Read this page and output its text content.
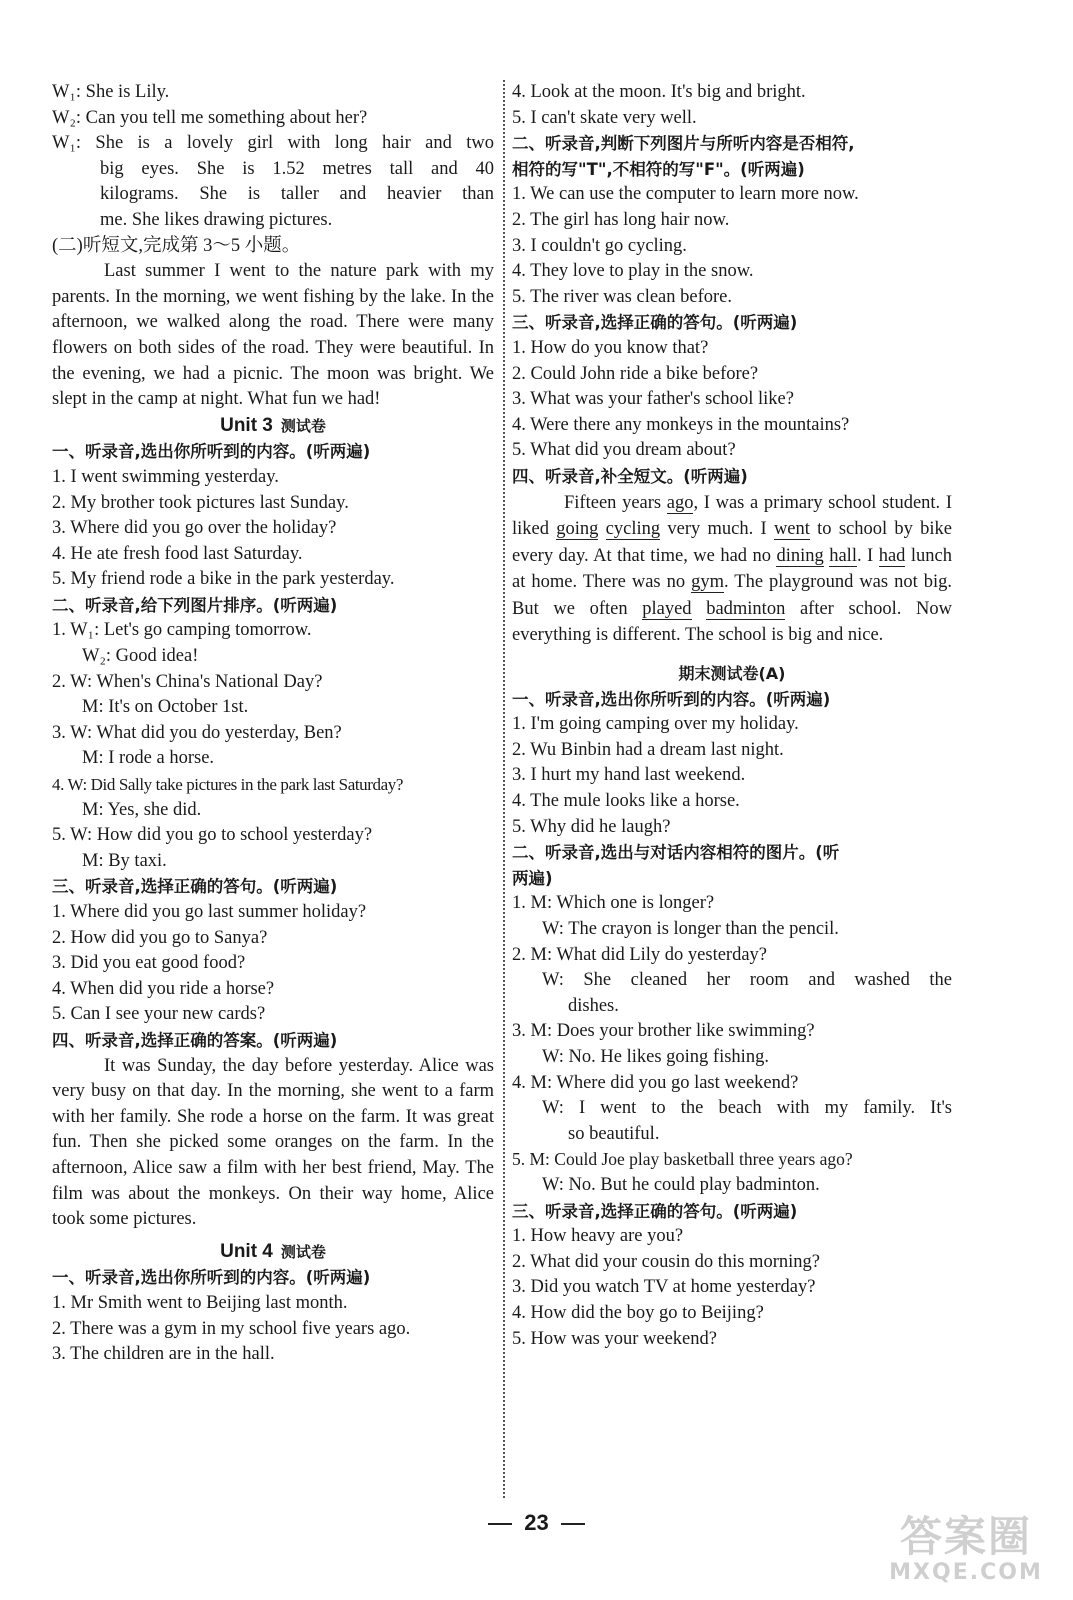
W₁: She is Lily.
W₂: Can you tell me something about her?
W₁: She is a lovely girl with long hair and two
big eyes. She is 1.52 metres tall and 40
kilograms. She is taller and heavier than
me. She likes drawing pictures.
(二)听短文,完成第 3～5 小题。
Last summer I went to the nature park with my parents. In the morning, we went fishing by the lake. In the afternoon, we walked along the road. There were many flowers on both sides of the road. They were beautiful. In the evening, we had a picnic. The moon was bright. We slept in the camp at night. What fun we had!
Unit 3 测试卷
一、听录音,选出你所听到的内容。(听两遍)
1. I went swimming yesterday.
2. My brother took pictures last Sunday.
3. Where did you go over the holiday?
4. He ate fresh food last Saturday.
5. My friend rode a bike in the park yesterday.
二、听录音,给下列图片排序。(听两遍)
1. W₁: Let's go camping tomorrow.
W₂: Good idea!
2. W: When's China's National Day?
M: It's on October 1st.
3. W: What did you do yesterday, Ben?
M: I rode a horse.
4. W: Did Sally take pictures in the park last Saturday?
M: Yes, she did.
5. W: How did you go to school yesterday?
M: By taxi.
三、听录音,选择正确的答句。(听两遍)
1. Where did you go last summer holiday?
2. How did you go to Sanya?
3. Did you eat good food?
4. When did you ride a horse?
5. Can I see your new cards?
四、听录音,选择正确的答案。(听两遍)
It was Sunday, the day before yesterday. Alice was very busy on that day. In the morning, she went to a farm with her family. She rode a horse on the farm. It was great fun. Then she picked some oranges on the farm. In the afternoon, Alice saw a film with her best friend, May. The film was about the monkeys. On their way home, Alice took some pictures.
Unit 4 测试卷
一、听录音,选出你所听到的内容。(听两遍)
1. Mr Smith went to Beijing last month.
2. There was a gym in my school five years ago.
3. The children are in the hall.
4. Look at the moon. It's big and bright.
5. I can't skate very well.
二、听录音,判断下列图片与所听内容是否相符,
相符的写"T",不相符的写"F"。(听两遍)
1. We can use the computer to learn more now.
2. The girl has long hair now.
3. I couldn't go cycling.
4. They love to play in the snow.
5. The river was clean before.
三、听录音,选择正确的答句。(听两遍)
1. How do you know that?
2. Could John ride a bike before?
3. What was your father's school like?
4. Were there any monkeys in the mountains?
5. What did you dream about?
四、听录音,补全短文。(听两遍)
Fifteen years ago, I was a primary school student. I liked going cycling very much. I went to school by bike every day. At that time, we had no dining hall. I had lunch at home. There was no gym. The playground was not big. But we often played badminton after school. Now everything is different. The school is big and nice.
期末测试卷(A)
一、听录音,选出你所听到的内容。(听两遍)
1. I'm going camping over my holiday.
2. Wu Binbin had a dream last night.
3. I hurt my hand last weekend.
4. The mule looks like a horse.
5. Why did he laugh?
二、听录音,选出与对话内容相符的图片。(听
两遍)
1. M: Which one is longer?
W: The crayon is longer than the pencil.
2. M: What did Lily do yesterday?
W: She cleaned her room and washed the
dishes.
3. M: Does your brother like swimming?
W: No. He likes going fishing.
4. M: Where did you go last weekend?
W: I went to the beach with my family. It's
so beautiful.
5. M: Could Joe play basketball three years ago?
W: No. But he could play badminton.
三、听录音,选择正确的答句。(听两遍)
1. How heavy are you?
2. What did your cousin do this morning?
3. Did you watch TV at home yesterday?
4. How did the boy go to Beijing?
5. How was your weekend?
23	答案圈
MXQE.COM
